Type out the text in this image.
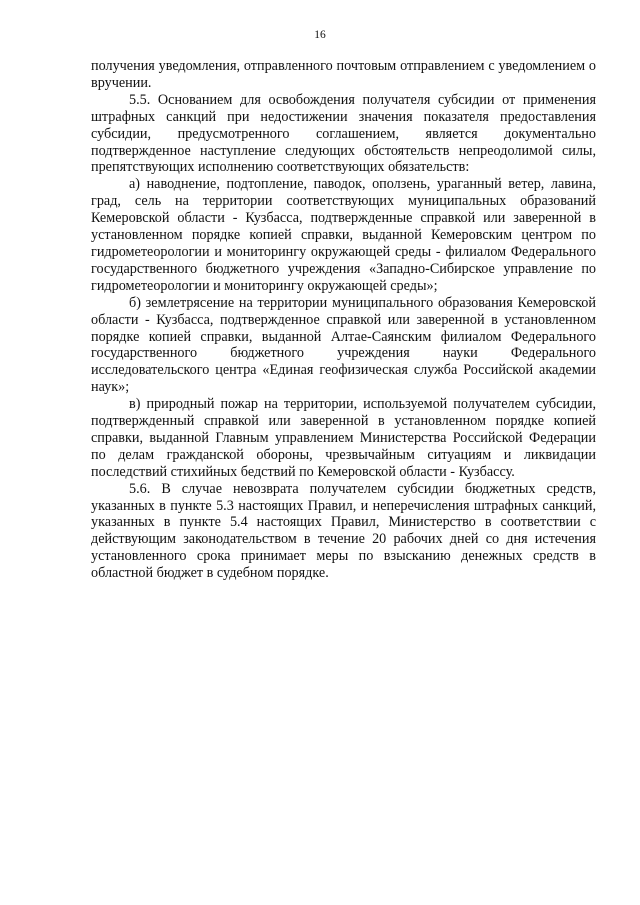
16

получения уведомления, отправленного почтовым отправлением с уведомлением о вручении.

5.5. Основанием для освобождения получателя субсидии от применения штрафных санкций при недостижении значения показателя предоставления субсидии, предусмотренного соглашением, является документально подтвержденное наступление следующих обстоятельств непреодолимой силы, препятствующих исполнению соответствующих обязательств:

а) наводнение, подтопление, паводок, оползень, ураганный ветер, лавина, град, сель на территории соответствующих муниципальных образований Кемеровской области - Кузбасса, подтвержденные справкой или заверенной в установленном порядке копией справки, выданной Кемеровским центром по гидрометеорологии и мониторингу окружающей среды - филиалом Федерального государственного бюджетного учреждения «Западно-Сибирское управление по гидрометеорологии и мониторингу окружающей среды»;

б) землетрясение на территории муниципального образования Кемеровской области - Кузбасса, подтвержденное справкой или заверенной в установленном порядке копией справки, выданной Алтае-Саянским филиалом Федерального государственного бюджетного учреждения науки Федерального исследовательского центра «Единая геофизическая служба Российской академии наук»;

в) природный пожар на территории, используемой получателем субсидии, подтвержденный справкой или заверенной в установленном порядке копией справки, выданной Главным управлением Министерства Российской Федерации по делам гражданской обороны, чрезвычайным ситуациям и ликвидации последствий стихийных бедствий по Кемеровской области - Кузбассу.

5.6. В случае невозврата получателем субсидии бюджетных средств, указанных в пункте 5.3 настоящих Правил, и неперечисления штрафных санкций, указанных в пункте 5.4 настоящих Правил, Министерство в соответствии с действующим законодательством в течение 20 рабочих дней со дня истечения установленного срока принимает меры по взысканию денежных средств в областной бюджет в судебном порядке.
